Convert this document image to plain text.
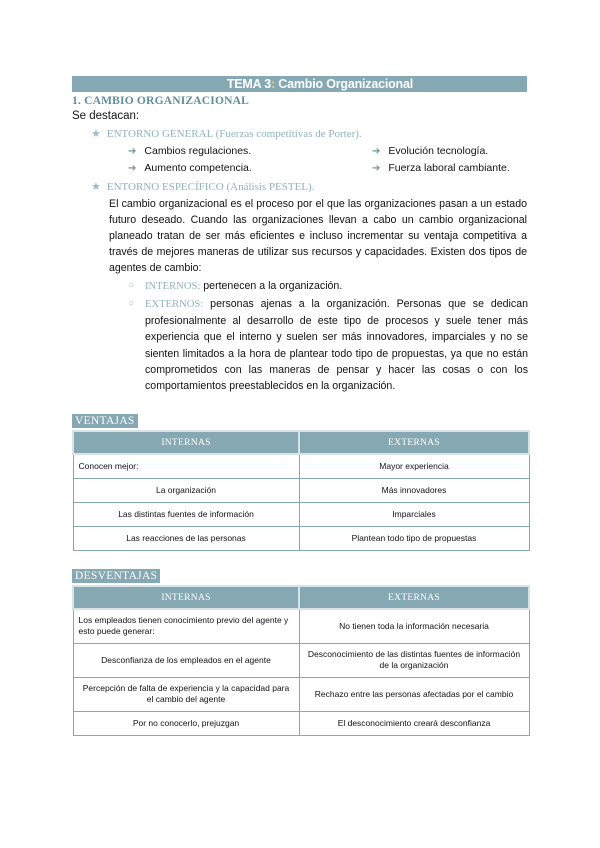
TEMA 3: Cambio Organizacional
1. CAMBIO ORGANIZACIONAL
Se destacan:
★ ENTORNO GENERAL (Fuerzas competitivas de Porter).
➔ Cambios regulaciones.	➔ Evolución tecnología.
➔ Aumento competencia.	➔ Fuerza laboral cambiante.
★ ENTORNO ESPECÍFICO (Análisis PESTEL).
El cambio organizacional es el proceso por el que las organizaciones pasan a un estado futuro deseado. Cuando las organizaciones llevan a cabo un cambio organizacional planeado tratan de ser más eficientes e incluso incrementar su ventaja competitiva a través de mejores maneras de utilizar sus recursos y capacidades. Existen dos tipos de agentes de cambio:
○ INTERNOS: pertenecen a la organización.
○ EXTERNOS: personas ajenas a la organización. Personas que se dedican profesionalmente al desarrollo de este tipo de procesos y suele tener más experiencia que el interno y suelen ser más innovadores, imparciales y no se sienten limitados a la hora de plantear todo tipo de propuestas, ya que no están comprometidos con las maneras de pensar y hacer las cosas o con los comportamientos preestablecidos en la organización.
VENTAJAS
INTERNAS	EXTERNAS
Conocen mejor:	Mayor experiencia
La organización	Más innovadores
Las distintas fuentes de información	Imparciales
Las reacciones de las personas	Plantean todo tipo de propuestas
DESVENTAJAS
INTERNAS	EXTERNAS
Los empleados tienen conocimiento previo del agente y esto puede generar:	No tienen toda la información necesaria
Desconfianza de los empleados en el agente	Desconocimiento de las distintas fuentes de información de la organización
Percepción de falta de experiencia y la capacidad para el cambio del agente	Rechazo entre las personas afectadas por el cambio
Por no conocerlo, prejuzgan	El desconocimiento creará desconfianza
